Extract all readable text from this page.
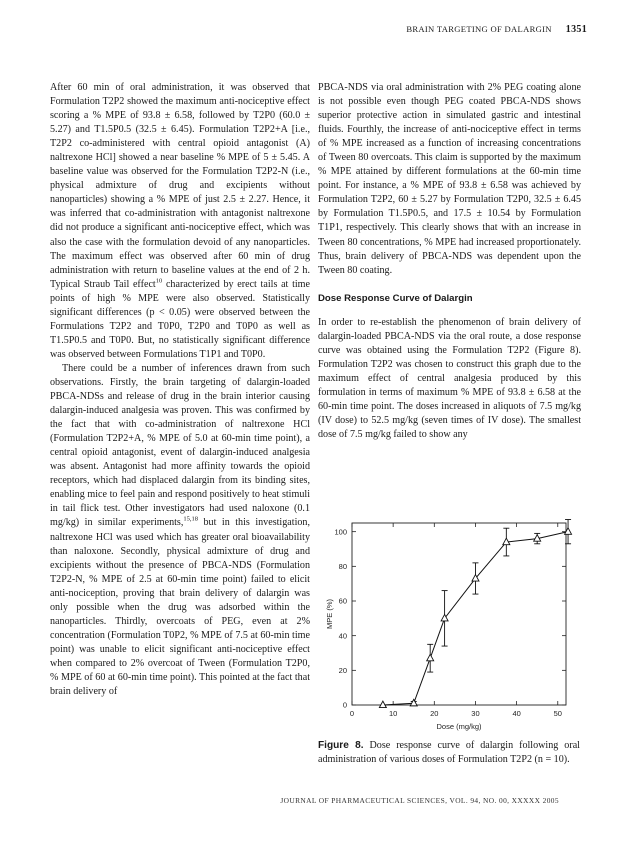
BRAIN TARGETING OF DALARGIN 1351

After 60 min of oral administration, it was observed that Formulation T2P2 showed the maximum anti-nociceptive effect scoring a % MPE of 93.8 ± 6.58, followed by T2P0 (60.0 ± 5.27) and T1.5P0.5 (32.5 ± 6.45). Formulation T2P2+A [i.e., T2P2 co-administered with central opioid antagonist (A) naltrexone HCl] showed a near baseline % MPE of 5 ± 5.45. A baseline value was observed for the Formulation T2P2-N (i.e., physical admixture of drug and excipients without nanoparticles) showing a % MPE of just 2.5 ± 2.27. Hence, it was inferred that co-administration with antagonist naltrexone did not produce a significant anti-nociceptive effect, which was also the case with the formulation devoid of any nanoparticles. The maximum effect was observed after 60 min of drug administration with return to baseline values at the end of 2 h. Typical Straub Tail effect$^{10}$ characterized by erect tails at time points of high % MPE were also observed. Statistically significant differences (p < 0.05) were observed between the Formulations T2P2 and T0P0, T2P0 and T0P0 as well as T1.5P0.5 and T0P0. But, no statistically significant difference was observed between Formulations T1P1 and T0P0.

There could be a number of inferences drawn from such observations. Firstly, the brain targeting of dalargin-loaded PBCA-NDSs and release of drug in the brain interior causing dalargin-induced analgesia was proven. This was confirmed by the fact that with co-administration of naltrexone HCl (Formulation T2P2+A, % MPE of 5.0 at 60-min time point), a central opioid antagonist, event of dalargin-induced analgesia was absent. Antagonist had more affinity towards the opioid receptors, which had displaced dalargin from its binding sites, enabling mice to feel pain and respond positively to heat stimuli in tail flick test. Other investigators had used naloxone (0.1 mg/kg) in similar experiments,$^{15,18}$ but in this investigation, naltrexone HCl was used which has greater oral bioavailability than naloxone. Secondly, physical admixture of drug and excipients without the presence of PBCA-NDS (Formulation T2P2-N, % MPE of 2.5 at 60-min time point) failed to elicit anti-nociception, proving that brain delivery of dalargin was only possible when the drug was adsorbed within the nanoparticles. Thirdly, overcoats of PEG, even at 2% concentration (Formulation T0P2, % MPE of 7.5 at 60-min time point) was unable to elicit significant anti-nociceptive effect when compared to 2% overcoat of Tween (Formulation T2P0, % MPE of 60 at 60-min time point). This pointed at the fact that brain delivery of

PBCA-NDS via oral administration with 2% PEG coating alone is not possible even though PEG coated PBCA-NDS shows superior protective action in simulated gastric and intestinal fluids. Fourthly, the increase of anti-nociceptive effect in terms of % MPE increased as a function of increasing concentrations of Tween 80 overcoats. This claim is supported by the maximum % MPE attained by different formulations at the 60-min time point. For instance, a % MPE of 93.8 ± 6.58 was achieved by Formulation T2P2, 60 ± 5.27 by Formulation T2P0, 32.5 ± 6.45 by Formulation T1.5P0.5, and 17.5 ± 10.54 by Formulation T1P1, respectively. This clearly shows that with an increase in Tween 80 concentrations, % MPE had increased proportionately. Thus, brain delivery of PBCA-NDS was dependent upon the Tween 80 coating.

Dose Response Curve of Dalargin

In order to re-establish the phenomenon of brain delivery of dalargin-loaded PBCA-NDS via the oral route, a dose response curve was obtained using the Formulation T2P2 (Figure 8). Formulation T2P2 was chosen to construct this graph due to the maximum effect of central analgesia produced by this formulation in terms of maximum % MPE of 93.8 ± 6.58 at the 60-min time point. The doses increased in aliquots of 7.5 mg/kg (IV dose) to 52.5 mg/kg (seven times of IV dose). The smallest dose of 7.5 mg/kg failed to show any

0	10	20	30	40	50
0
20
40
60
80
100
Dose (mg/kg)
MPE (%)
Figure 8. Dose response curve of dalargin following oral administration of various doses of Formulation T2P2 (n = 10).
JOURNAL OF PHARMACEUTICAL SCIENCES, VOL. 94, NO. 00, XXXXX 2005
